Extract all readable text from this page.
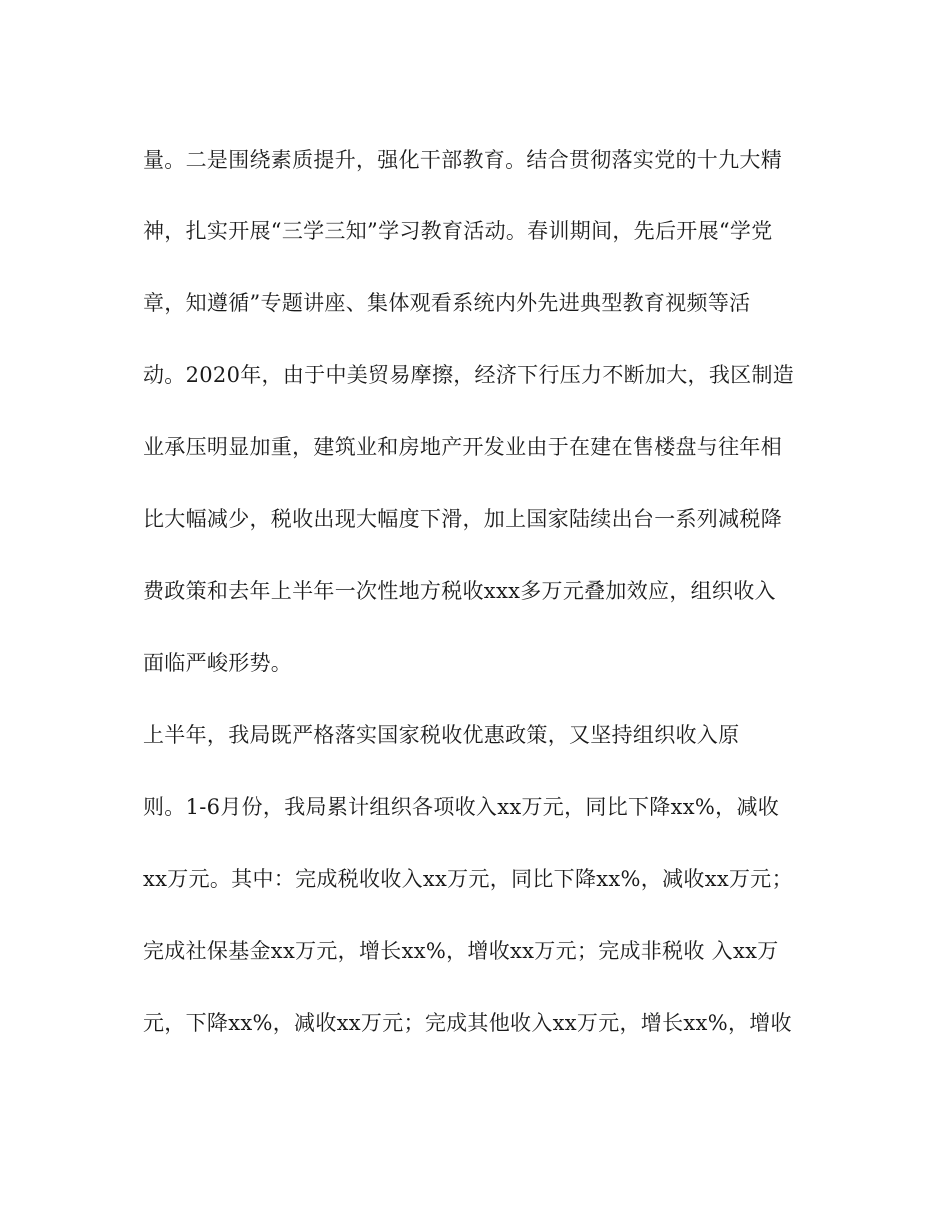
量。二是围绕素质提升，强化干部教育。结合贯彻落实党的十九大精
神，扎实开展“三学三知”学习教育活动。春训期间，先后开展“学党
章，知遵循”专题讲座、集体观看系统内外先进典型教育视频等活
动。2020年，由于中美贸易摩擦，经济下行压力不断加大，我区制造
业承压明显加重，建筑业和房地产开发业由于在建在售楼盘与往年相
比大幅减少，税收出现大幅度下滑，加上国家陆续出台一系列减税降
费政策和去年上半年一次性地方税收xxx多万元叠加效应，组织收入
面临严峻形势。
上半年，我局既严格落实国家税收优惠政策，又坚持组织收入原
则。1-6月份，我局累计组织各项收入xx万元，同比下降xx%，减收
xx万元。其中：完成税收收入xx万元，同比下降xx%，减收xx万元；
完成社保基金xx万元，增长xx%，增收xx万元；完成非税收 入xx万
元，下降xx%，减收xx万元；完成其他收入xx万元，增长xx%，增收
